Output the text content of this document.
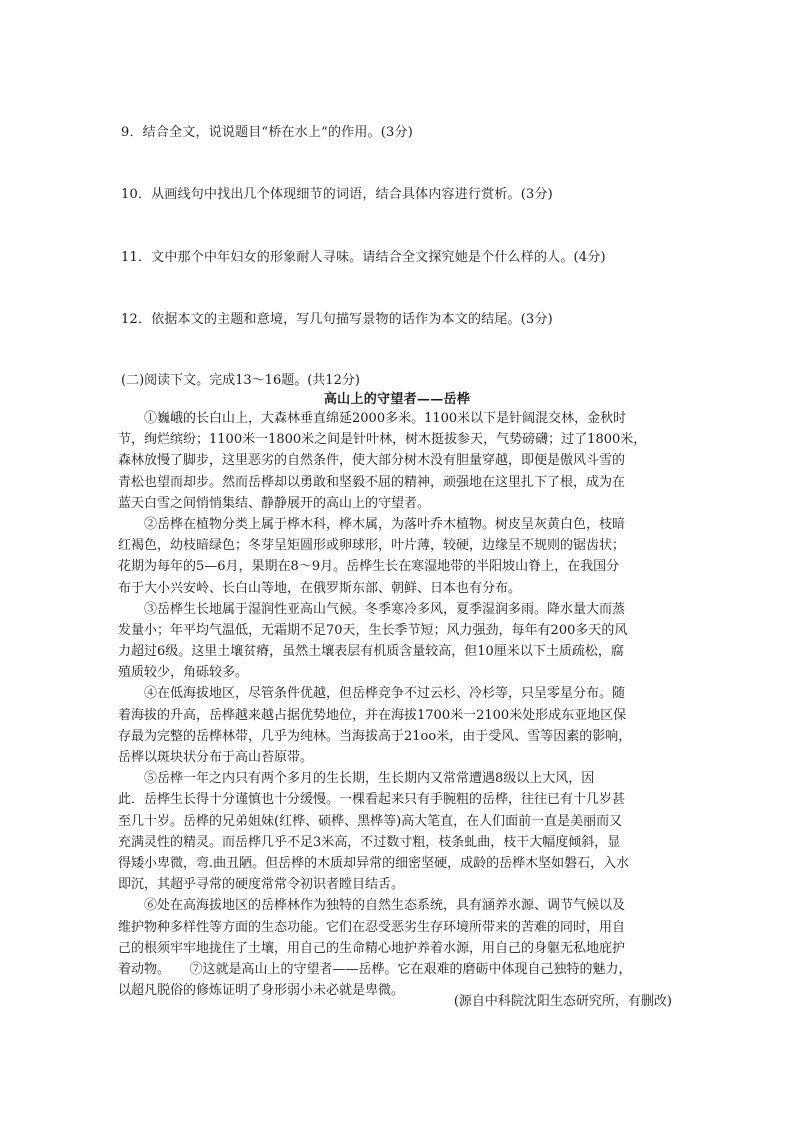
9．结合全文，说说题目“桥在水上”的作用。(3分)
10．从画线句中找出几个体现细节的词语，结合具体内容进行赏析。(3分)
11．文中那个中年妇女的形象耐人寻味。请结合全文探究她是个什么样的人。(4分)
12．依据本文的主题和意境，写几句描写景物的话作为本文的结尾。(3分)
(二)阅读下文。完成13～16题。(共12分)
高山上的守望者——岳桦
　　①巍峨的长白山上，大森林垂直绵延2000多米。1100米以下是针阔混交林，金秋时
节，绚烂缤纷；1100米一1800米之间是针叶林，树木挺拔参天，气势磅礴；过了1800米，
森林放慢了脚步，这里恶劣的自然条件，使大部分树木没有胆量穿越，即便是傲风斗雪的
青松也望而却步。然而岳桦却以勇敢和坚毅不屈的精神，顽强地在这里扎下了根，成为在
蓝天白雪之间悄悄集结、静静展开的高山上的守望者。
　　②岳桦在植物分类上属于桦木科，桦木属，为落叶乔木植物。树皮呈灰黄白色，枝暗
红褐色，幼枝暗绿色；冬芽呈矩圆形或卵球形，叶片薄，较硬，边缘呈不规则的锯齿状；
花期为每年的5—6月，果期在8～9月。岳桦生长在寒湿地带的半阳坡山脊上，在我国分
布于大小兴安岭、长白山等地，在俄罗斯东部、朝鲜、日本也有分布。
　　③岳桦生长地属于湿润性亚高山气候。冬季寒冷多风，夏季湿润多雨。降水量大而蒸
发量小；年平均气温低，无霜期不足70天，生长季节短；风力强劲，每年有200多天的风
力超过6级。这里土壤贫瘠，虽然土壤表层有机质含量较高，但10厘米以下土质疏松，腐
殖质较少，角砾较多。
　　④在低海拔地区，尽管条件优越，但岳桦竞争不过云杉、冷杉等，只呈零星分布。随
着海拔的升高，岳桦越来越占据优势地位，并在海拔1700米一2100米处形成东亚地区保
存最为完整的岳桦林带，几乎为纯林。当海拔高于21oo米，由于受风、雪等因素的影响，
岳桦以斑块状分布于高山苔原带。
　　⑤岳桦一年之内只有两个多月的生长期，生长期内又常常遭遇8级以上大风，因
此．岳桦生长得十分谨慎也十分缓慢。一棵看起来只有手腕粗的岳桦，往往已有十几岁甚
至几十岁。岳桦的兄弟姐妹(红桦、硕桦、黑桦等)高大笔直，在人们面前一直是美丽而又
充满灵性的精灵。而岳桦几乎不足3米高，不过数寸粗，枝条虬曲，枝干大幅度倾斜，显
得矮小卑微，弯.曲丑陋。但岳桦的木质却异常的细密坚硬，成龄的岳桦木坚如磐石，入水
即沉，其超乎寻常的硬度常常令初识者瞠目结舌。
　　⑥处在高海拔地区的岳桦林作为独特的自然生态系统，具有涵养水源、调节气候以及
维护物种多样性等方面的生态功能。它们在忍受恶劣生存环境所带来的苦难的同时，用自
己的根须牢牢地拢住了土壤，用自己的生命精心地护养着水源，用自己的身躯无私地庇护
着动物。　　⑦这就是高山上的守望者——岳桦。它在艰难的磨砺中体现自己独特的魅力，
以超凡脱俗的修炼证明了身形弱小未必就是卑微。
(源自中科院沈阳生态研究所，有删改)
